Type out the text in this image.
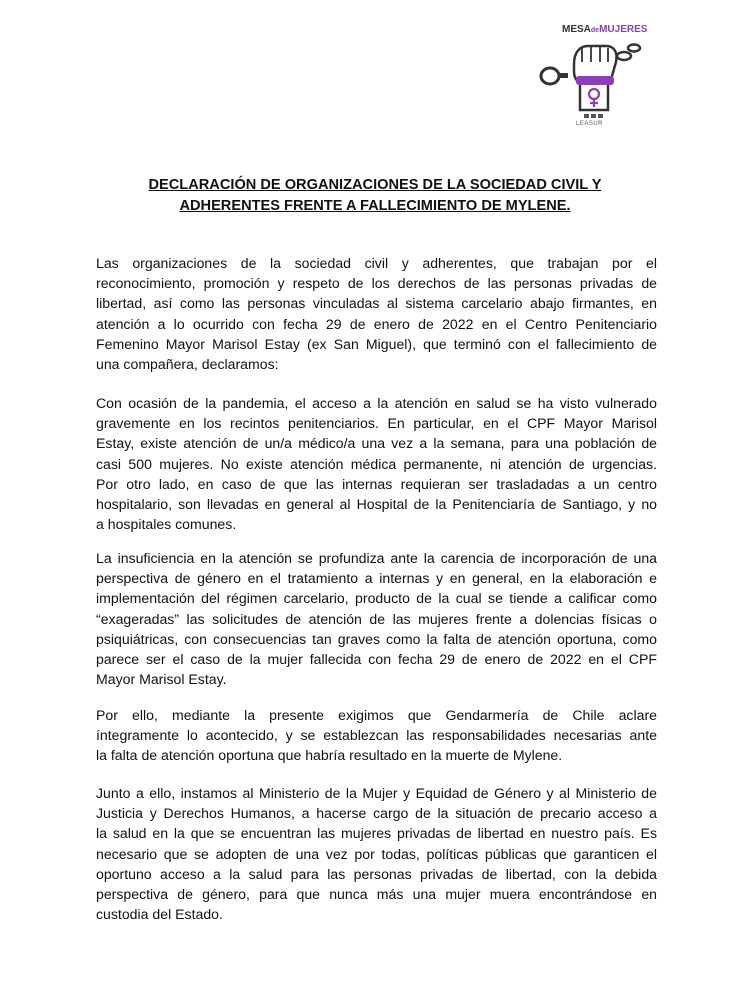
MESAdeMUJERES
LEASUR
DECLARACIÓN DE ORGANIZACIONES DE LA SOCIEDAD CIVIL Y
ADHERENTES FRENTE A FALLECIMIENTO DE MYLENE.
Las organizaciones de la sociedad civil y adherentes, que trabajan por el
reconocimiento, promoción y respeto de los derechos de las personas privadas de
libertad, así como las personas vinculadas al sistema carcelario abajo firmantes, en
atención a lo ocurrido con fecha 29 de enero de 2022 en el Centro Penitenciario
Femenino Mayor Marisol Estay (ex San Miguel), que terminó con el fallecimiento de
una compañera, declaramos:
Con ocasión de la pandemia, el acceso a la atención en salud se ha visto vulnerado
gravemente en los recintos penitenciarios. En particular, en el CPF Mayor Marisol
Estay, existe atención de un/a médico/a una vez a la semana, para una población de
casi 500 mujeres. No existe atención médica permanente, ni atención de urgencias.
Por otro lado, en caso de que las internas requieran ser trasladadas a un centro
hospitalario, son llevadas en general al Hospital de la Penitenciaría de Santiago, y no
a hospitales comunes.
La insuficiencia en la atención se profundiza ante la carencia de incorporación de una
perspectiva de género en el tratamiento a internas y en general, en la elaboración e
implementación del régimen carcelario, producto de la cual se tiende a calificar como
“exageradas” las solicitudes de atención de las mujeres frente a dolencias físicas o
psiquiátricas, con consecuencias tan graves como la falta de atención oportuna, como
parece ser el caso de la mujer fallecida con fecha 29 de enero de 2022 en el CPF
Mayor Marisol Estay.
Por ello, mediante la presente exigimos que Gendarmería de Chile aclare
íntegramente lo acontecido, y se establezcan las responsabilidades necesarias ante
la falta de atención oportuna que habría resultado en la muerte de Mylene.
Junto a ello, instamos al Ministerio de la Mujer y Equidad de Género y al Ministerio de
Justicia y Derechos Humanos, a hacerse cargo de la situación de precario acceso a
la salud en la que se encuentran las mujeres privadas de libertad en nuestro país. Es
necesario que se adopten de una vez por todas, políticas públicas que garanticen el
oportuno acceso a la salud para las personas privadas de libertad, con la debida
perspectiva de género, para que nunca más una mujer muera encontrándose en
custodia del Estado.
